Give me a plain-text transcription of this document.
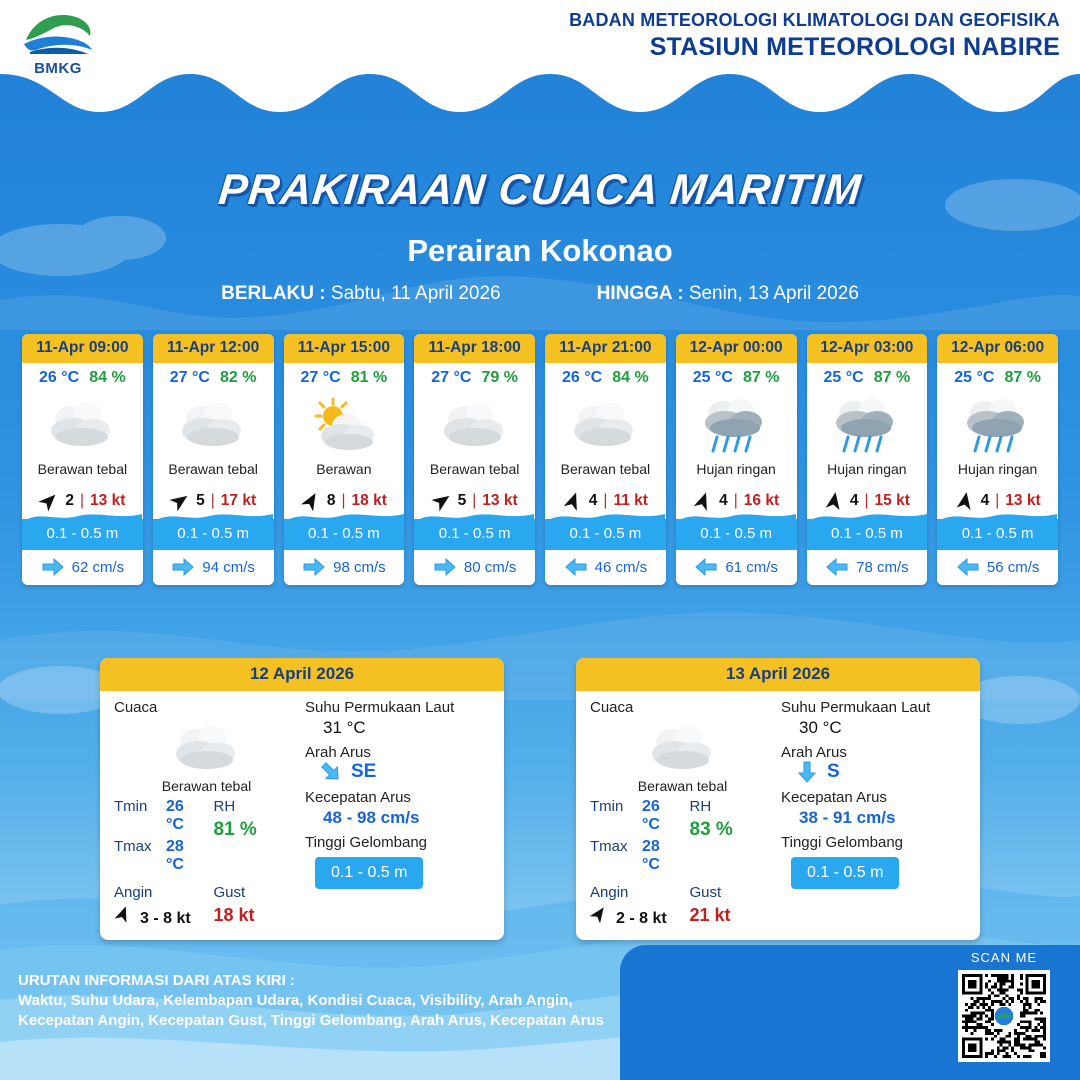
BMKG
BADAN METEOROLOGI KLIMATOLOGI DAN GEOFISIKA
STASIUN METEOROLOGI NABIRE
PRAKIRAAN CUACA MARITIM
Perairan Kokonao
BERLAKU : Sabtu, 11 April 2026	HINGGA : Senin, 13 April 2026
11-Apr 09:00
26 °C 84 %
Berawan tebal
2 | 13 kt
0.1 - 0.5 m
62 cm/s
11-Apr 12:00
27 °C 82 %
Berawan tebal
5 | 17 kt
0.1 - 0.5 m
94 cm/s
11-Apr 15:00
27 °C 81 %
Berawan
8 | 18 kt
0.1 - 0.5 m
98 cm/s
11-Apr 18:00
27 °C 79 %
Berawan tebal
5 | 13 kt
0.1 - 0.5 m
80 cm/s
11-Apr 21:00
26 °C 84 %
Berawan tebal
4 | 11 kt
0.1 - 0.5 m
46 cm/s
12-Apr 00:00
25 °C 87 %
Hujan ringan
4 | 16 kt
0.1 - 0.5 m
61 cm/s
12-Apr 03:00
25 °C 87 %
Hujan ringan
4 | 15 kt
0.1 - 0.5 m
78 cm/s
12-Apr 06:00
25 °C 87 %
Hujan ringan
4 | 13 kt
0.1 - 0.5 m
56 cm/s
12 April 2026
Cuaca
Berawan tebal
Tmin	26 °C
Tmax 28 °C
RH
81 %
Angin
3 - 8 kt
Gust
18 kt
Suhu Permukaan Laut
31 °C
Arah Arus
SE
Kecepatan Arus
48 - 98 cm/s
Tinggi Gelombang
0.1 - 0.5 m
13 April 2026
Cuaca
Berawan tebal
Tmin	26 °C
Tmax 28 °C
RH
83 %
Angin
2 - 8 kt
Gust
21 kt
Suhu Permukaan Laut
30 °C
Arah Arus
S
Kecepatan Arus
38 - 91 cm/s
Tinggi Gelombang
0.1 - 0.5 m
URUTAN INFORMASI DARI ATAS KIRI :
Waktu, Suhu Udara, Kelembapan Udara, Kondisi Cuaca, Visibility, Arah Angin,
Kecepatan Angin, Kecepatan Gust, Tinggi Gelombang, Arah Arus, Kecepatan Arus
SCAN ME
